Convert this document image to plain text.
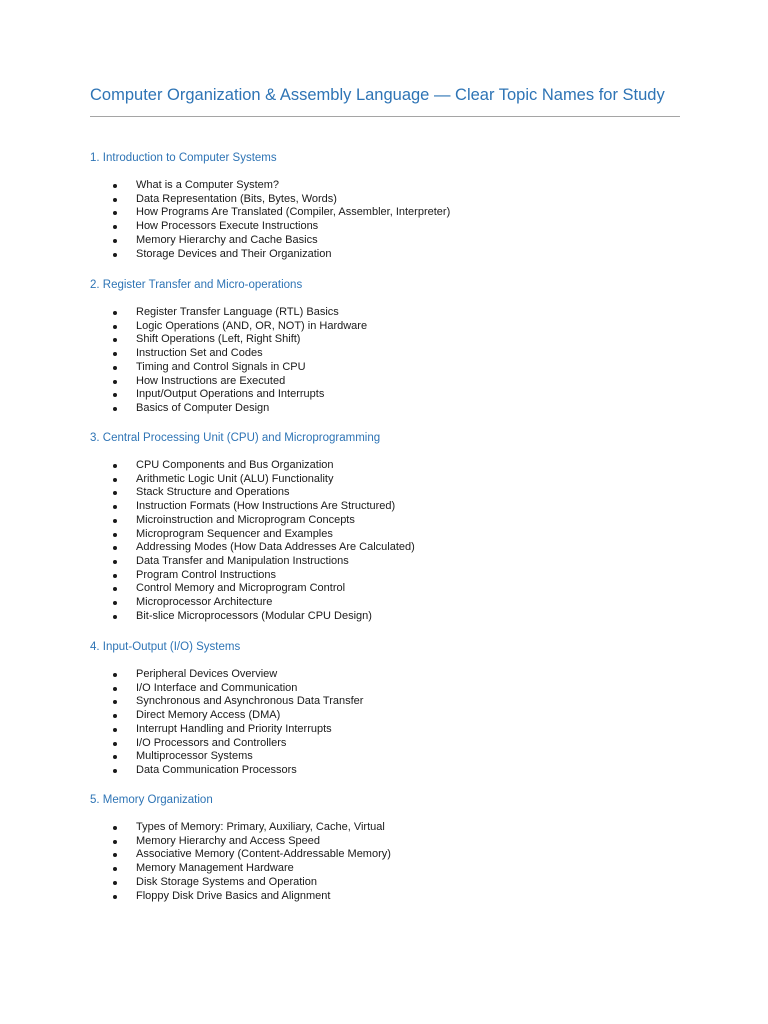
Computer Organization & Assembly Language — Clear Topic Names for Study

1. Introduction to Computer Systems

What is a Computer System?
Data Representation (Bits, Bytes, Words)
How Programs Are Translated (Compiler, Assembler, Interpreter)
How Processors Execute Instructions
Memory Hierarchy and Cache Basics
Storage Devices and Their Organization

2. Register Transfer and Micro-operations

Register Transfer Language (RTL) Basics
Logic Operations (AND, OR, NOT) in Hardware
Shift Operations (Left, Right Shift)
Instruction Set and Codes
Timing and Control Signals in CPU
How Instructions are Executed
Input/Output Operations and Interrupts
Basics of Computer Design

3. Central Processing Unit (CPU) and Microprogramming

CPU Components and Bus Organization
Arithmetic Logic Unit (ALU) Functionality
Stack Structure and Operations
Instruction Formats (How Instructions Are Structured)
Microinstruction and Microprogram Concepts
Microprogram Sequencer and Examples
Addressing Modes (How Data Addresses Are Calculated)
Data Transfer and Manipulation Instructions
Program Control Instructions
Control Memory and Microprogram Control
Microprocessor Architecture
Bit-slice Microprocessors (Modular CPU Design)

4. Input-Output (I/O) Systems

Peripheral Devices Overview
I/O Interface and Communication
Synchronous and Asynchronous Data Transfer
Direct Memory Access (DMA)
Interrupt Handling and Priority Interrupts
I/O Processors and Controllers
Multiprocessor Systems
Data Communication Processors

5. Memory Organization

Types of Memory: Primary, Auxiliary, Cache, Virtual
Memory Hierarchy and Access Speed
Associative Memory (Content-Addressable Memory)
Memory Management Hardware
Disk Storage Systems and Operation
Floppy Disk Drive Basics and Alignment
